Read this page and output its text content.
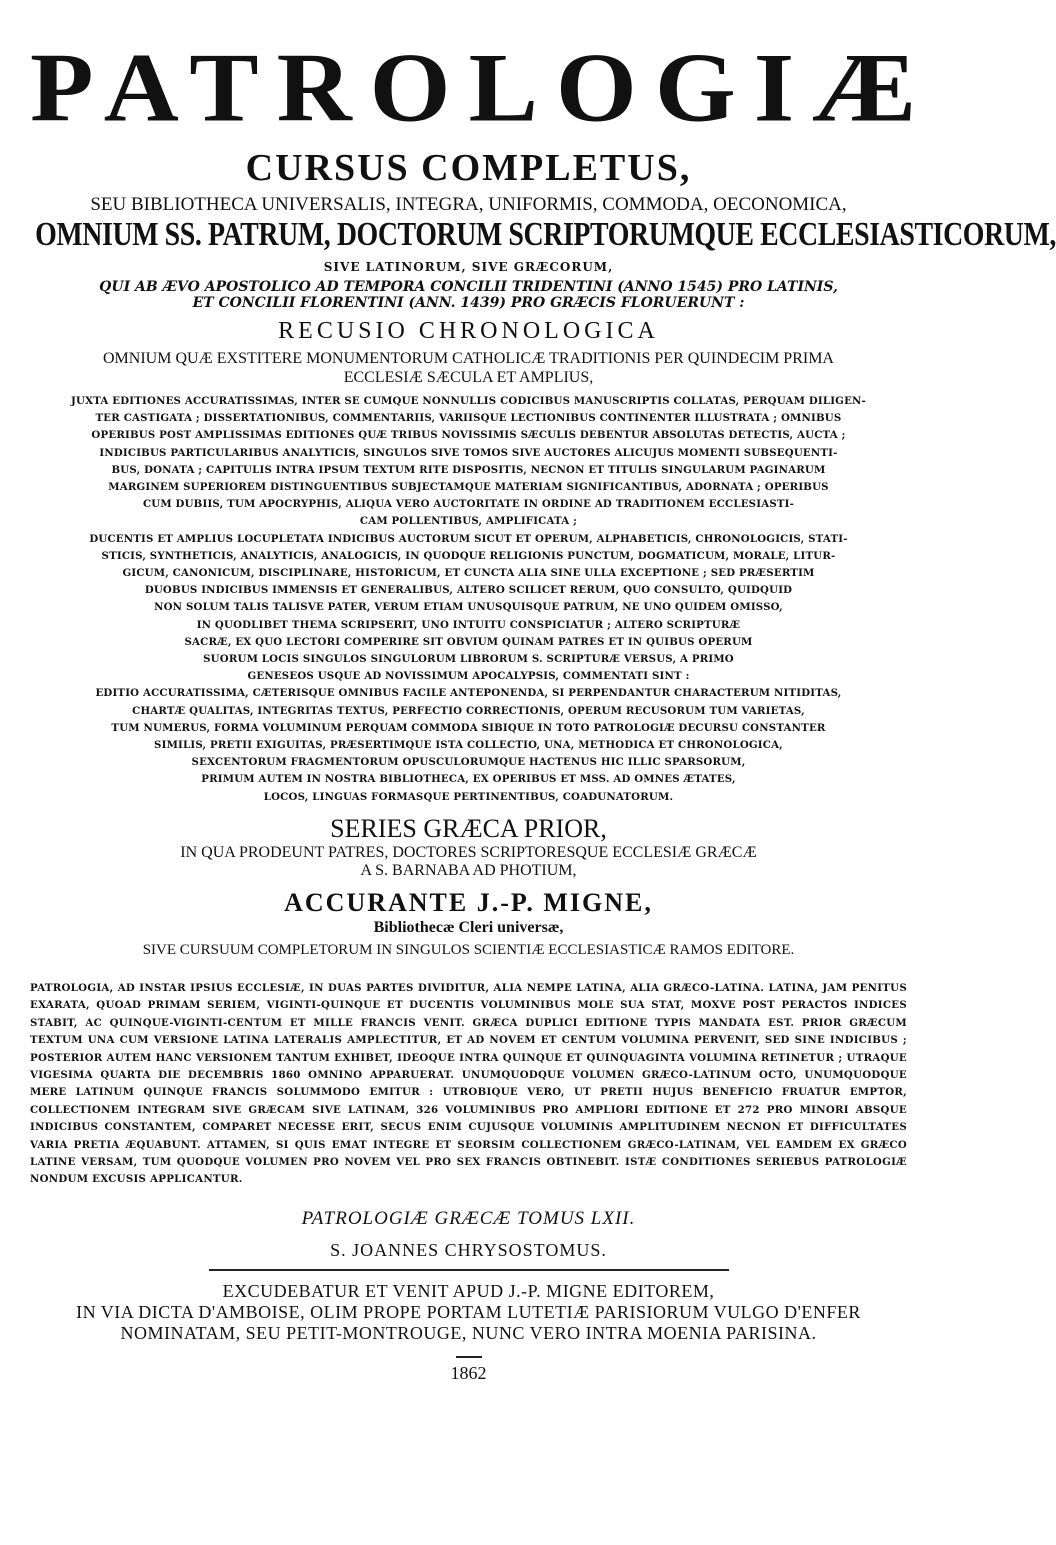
PATROLOGIÆ
CURSUS COMPLETUS,
SEU BIBLIOTHECA UNIVERSALIS, INTEGRA, UNIFORMIS, COMMODA, OECONOMICA,
OMNIUM SS. PATRUM, DOCTORUM SCRIPTORUMQUE ECCLESIASTICORUM,
SIVE LATINORUM, SIVE GRÆCORUM,
QUI AB ÆVO APOSTOLICO AD TEMPORA CONCILII TRIDENTINI (ANNO 1545) PRO LATINIS,
ET CONCILII FLORENTINI (ANN. 1439) PRO GRÆCIS FLORUERUNT :
RECUSIO CHRONOLOGICA
OMNIUM QUÆ EXSTITERE MONUMENTORUM CATHOLICÆ TRADITIONIS PER QUINDECIM PRIMA
ECCLESIÆ SÆCULA ET AMPLIUS,
JUXTA EDITIONES ACCURATISSIMAS, INTER SE CUMQUE NONNULLIS CODICIBUS MANUSCRIPTIS COLLATAS, PERQUAM DILIGEN-
TER CASTIGATA ; DISSERTATIONIBUS, COMMENTARIIS, VARIISQUE LECTIONIBUS CONTINENTER ILLUSTRATA ; OMNIBUS
OPERIBUS POST AMPLISSIMAS EDITIONES QUÆ TRIBUS NOVISSIMIS SÆCULIS DEBENTUR ABSOLUTAS DETECTIS, AUCTA ;
INDICIBUS PARTICULARIBUS ANALYTICIS, SINGULOS SIVE TOMOS SIVE AUCTORES ALICUJUS MOMENTI SUBSEQUENTI-
BUS, DONATA ; CAPITULIS INTRA IPSUM TEXTUM RITE DISPOSITIS, NECNON ET TITULIS SINGULARUM PAGINARUM
MARGINEM SUPERIOREM DISTINGUENTIBUS SUBJECTAMQUE MATERIAM SIGNIFICANTIBUS, ADORNATA ; OPERIBUS
CUM DUBIIS, TUM APOCRYPHIS, ALIQUA VERO AUCTORITATE IN ORDINE AD TRADITIONEM ECCLESIASTI-
CAM POLLENTIBUS, AMPLIFICATA ;
DUCENTIS ET AMPLIUS LOCUPLETATA INDICIBUS AUCTORUM SICUT ET OPERUM, ALPHABETICIS, CHRONOLOGICIS, STATI-
STICIS, SYNTHETICIS, ANALYTICIS, ANALOGICIS, IN QUODQUE RELIGIONIS PUNCTUM, DOGMATICUM, MORALE, LITUR-
GICUM, CANONICUM, DISCIPLINARE, HISTORICUM, ET CUNCTA ALIA SINE ULLA EXCEPTIONE ; SED PRÆSERTIM
DUOBUS INDICIBUS IMMENSIS ET GENERALIBUS, ALTERO SCILICET RERUM, QUO CONSULTO, QUIDQUID
NON SOLUM TALIS TALISVE PATER, VERUM ETIAM UNUSQUISQUE PATRUM, NE UNO QUIDEM OMISSO,
IN QUODLIBET THEMA SCRIPSERIT, UNO INTUITU CONSPICIATUR ; ALTERO SCRIPTURÆ
SACRÆ, EX QUO LECTORI COMPERIRE SIT OBVIUM QUINAM PATRES ET IN QUIBUS OPERUM
SUORUM LOCIS SINGULOS SINGULORUM LIBRORUM S. SCRIPTURÆ VERSUS, A PRIMO
GENESEOS USQUE AD NOVISSIMUM APOCALYPSIS, COMMENTATI SINT :
EDITIO ACCURATISSIMA, CÆTERISQUE OMNIBUS FACILE ANTEPONENDA, SI PERPENDANTUR CHARACTERUM NITIDITAS,
CHARTÆ QUALITAS, INTEGRITAS TEXTUS, PERFECTIO CORRECTIONIS, OPERUM RECUSORUM TUM VARIETAS,
TUM NUMERUS, FORMA VOLUMINUM PERQUAM COMMODA SIBIQUE IN TOTO PATROLOGIÆ DECURSU CONSTANTER
SIMILIS, PRETII EXIGUITAS, PRÆSERTIMQUE ISTA COLLECTIO, UNA, METHODICA ET CHRONOLOGICA,
SEXCENTORUM FRAGMENTORUM OPUSCULORUMQUE HACTENUS HIC ILLIC SPARSORUM,
PRIMUM AUTEM IN NOSTRA BIBLIOTHECA, EX OPERIBUS ET MSS. AD OMNES ÆTATES,
LOCOS, LINGUAS FORMASQUE PERTINENTIBUS, COADUNATORUM.
SERIES GRÆCA PRIOR,
IN QUA PRODEUNT PATRES, DOCTORES SCRIPTORESQUE ECCLESIÆ GRÆCÆ
A S. BARNABA AD PHOTIUM,
ACCURANTE J.-P. MIGNE,
Bibliothecæ Cleri universæ,
SIVE CURSUUM COMPLETORUM IN SINGULOS SCIENTIÆ ECCLESIASTICÆ RAMOS EDITORE.
PATROLOGIA, AD INSTAR IPSIUS ECCLESIÆ, IN DUAS PARTES DIVIDITUR, ALIA NEMPE LATINA, ALIA GRÆCO-LATINA. LATINA, JAM PENITUS EXARATA, QUOAD PRIMAM SERIEM, VIGINTI-QUINQUE ET DUCENTIS VOLUMINIBUS MOLE SUA STAT, MOXVE POST PERACTOS INDICES STABIT, AC QUINQUE-VIGINTI-CENTUM ET MILLE FRANCIS VENIT. GRÆCA DUPLICI EDITIONE TYPIS MANDATA EST. PRIOR GRÆCUM TEXTUM UNA CUM VERSIONE LATINA LATERALIS AMPLECTITUR, ET AD NOVEM ET CENTUM VOLUMINA PERVENIT, SED SINE INDICIBUS ; POSTERIOR AUTEM HANC VERSIONEM TANTUM EXHIBET, IDEOQUE INTRA QUINQUE ET QUINQUAGINTA VOLUMINA RETINETUR ; UTRAQUE VIGESIMA QUARTA DIE DECEMBRIS 1860 OMNINO APPARUERAT. UNUMQUODQUE VOLUMEN GRÆCO-LATINUM OCTO, UNUMQUODQUE MERE LATINUM QUINQUE FRANCIS SOLUMMODO EMITUR : UTROBIQUE VERO, UT PRETII HUJUS BENEFICIO FRUATUR EMPTOR, COLLECTIONEM INTEGRAM SIVE GRÆCAM SIVE LATINAM, 326 VOLUMINIBUS PRO AMPLIORI EDITIONE ET 272 PRO MINORI ABSQUE INDICIBUS CONSTANTEM, COMPARET NECESSE ERIT, SECUS ENIM CUJUSQUE VOLUMINIS AMPLITUDINEM NECNON ET DIFFICULTATES VARIA PRETIA ÆQUABUNT. ATTAMEN, SI QUIS EMAT INTEGRE ET SEORSIM COLLECTIONEM GRÆCO-LATINAM, VEL EAMDEM EX GRÆCO LATINE VERSAM, TUM QUODQUE VOLUMEN PRO NOVEM VEL PRO SEX FRANCIS OBTINEBIT. ISTÆ CONDITIONES SERIEBUS PATROLOGIÆ NONDUM EXCUSIS APPLICANTUR.
PATROLOGIÆ GRÆCÆ TOMUS LXII.
S. JOANNES CHRYSOSTOMUS.
EXCUDEBATUR ET VENIT APUD J.-P. MIGNE EDITOREM,
IN VIA DICTA D'AMBOISE, OLIM PROPE PORTAM LUTETIÆ PARISIORUM VULGO D'ENFER
NOMINATAM, SEU PETIT-MONTROUGE, NUNC VERO INTRA MOENIA PARISINA.
1862
